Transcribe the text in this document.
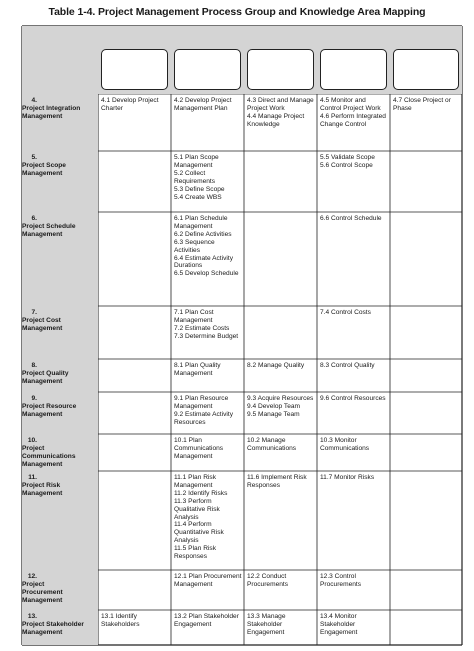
Table 1-4. Project Management Process Group and Knowledge Area Mapping
4.Project Integration Management
4.1 Develop Project Charter
4.2 Develop Project Management Plan
4.3 Direct and Manage Project Work
4.4 Manage Project Knowledge
4.5 Monitor and Control Project Work
4.6 Perform Integrated Change Control
4.7 Close Project or Phase
5.Project Scope Management
5.1 Plan Scope Management
5.2 Collect Requirements
5.3 Define Scope
5.4 Create WBS
5.5 Validate Scope
5.6 Control Scope
6.Project Schedule Management
6.1 Plan Schedule Management
6.2 Define Activities
6.3 Sequence Activities
6.4 Estimate Activity Durations
6.5 Develop Schedule
6.6 Control Schedule
7.Project Cost Management
7.1 Plan Cost Management
7.2 Estimate Costs
7.3 Determine Budget
7.4 Control Costs
8.Project Quality Management
8.1 Plan Quality Management
8.2 Manage Quality	8.3 Control Quality
9.Project Resource Management
9.1 Plan Resource Management
9.2 Estimate Activity Resources
9.3 Acquire Resources
9.4 Develop Team
9.5 Manage Team
9.6 Control Resources
10.Project Communications Management
10.1 Plan Communications Management
10.2 Manage Communications
10.3 Monitor Communications
11.Project Risk Management
11.1 Plan Risk Management
11.2 Identify Risks
11.3 Perform Qualitative Risk Analysis
11.4 Perform Quantitative Risk Analysis
11.5 Plan Risk Responses
11.6 Implement Risk Responses
11.7 Monitor Risks
12.Project Procurement Management
12.1 Plan Procurement Management
12.2 Conduct Procurements
12.3 Control Procurements
13.Project Stakeholder Management
13.1 Identify Stakeholders
13.2 Plan Stakeholder Engagement
13.3 Manage Stakeholder Engagement
13.4 Monitor Stakeholder Engagement
